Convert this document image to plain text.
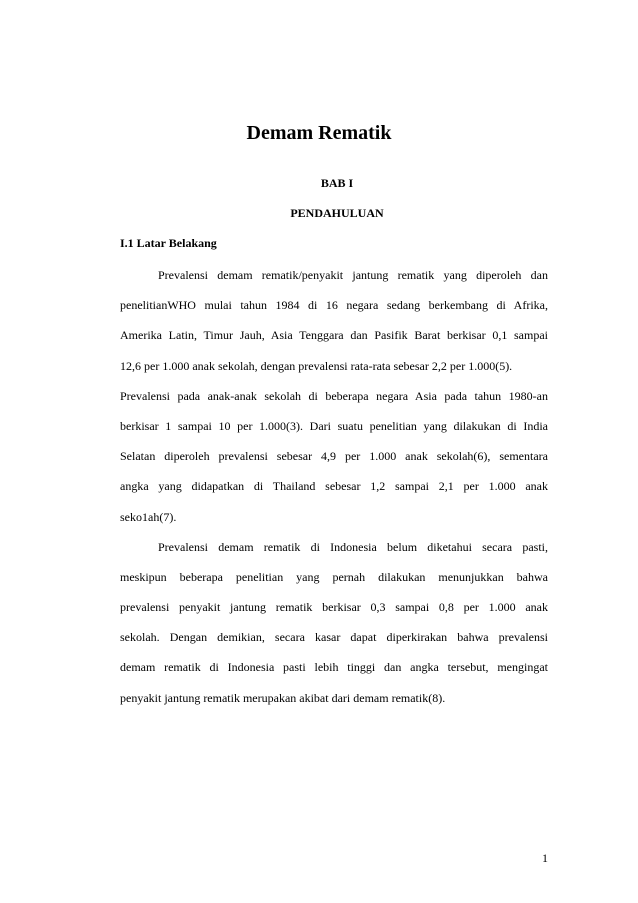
Demam Rematik
BAB I
PENDAHULUAN
I.1 Latar Belakang
Prevalensi demam rematik/penyakit jantung rematik yang diperoleh dan
penelitianWHO mulai tahun 1984 di 16 negara sedang berkembang di Afrika,
Amerika Latin, Timur Jauh, Asia Tenggara dan Pasifik Barat berkisar 0,1 sampai
12,6 per 1.000 anak sekolah, dengan prevalensi rata-rata sebesar 2,2 per 1.000(5).
Prevalensi pada anak-anak sekolah di beberapa negara Asia pada tahun 1980-an
berkisar 1 sampai 10 per 1.000(3). Dari suatu penelitian yang dilakukan di India
Selatan diperoleh prevalensi sebesar 4,9 per 1.000 anak sekolah(6), sementara
angka yang didapatkan di Thailand sebesar 1,2 sampai 2,1 per 1.000 anak
seko1ah(7).
Prevalensi demam rematik di Indonesia belum diketahui secara pasti,
meskipun beberapa penelitian yang pernah dilakukan menunjukkan bahwa
prevalensi penyakit jantung rematik berkisar 0,3 sampai 0,8 per 1.000 anak
sekolah. Dengan demikian, secara kasar dapat diperkirakan bahwa prevalensi
demam rematik di Indonesia pasti lebih tinggi dan angka tersebut, mengingat
penyakit jantung rematik merupakan akibat dari demam rematik(8).
1
